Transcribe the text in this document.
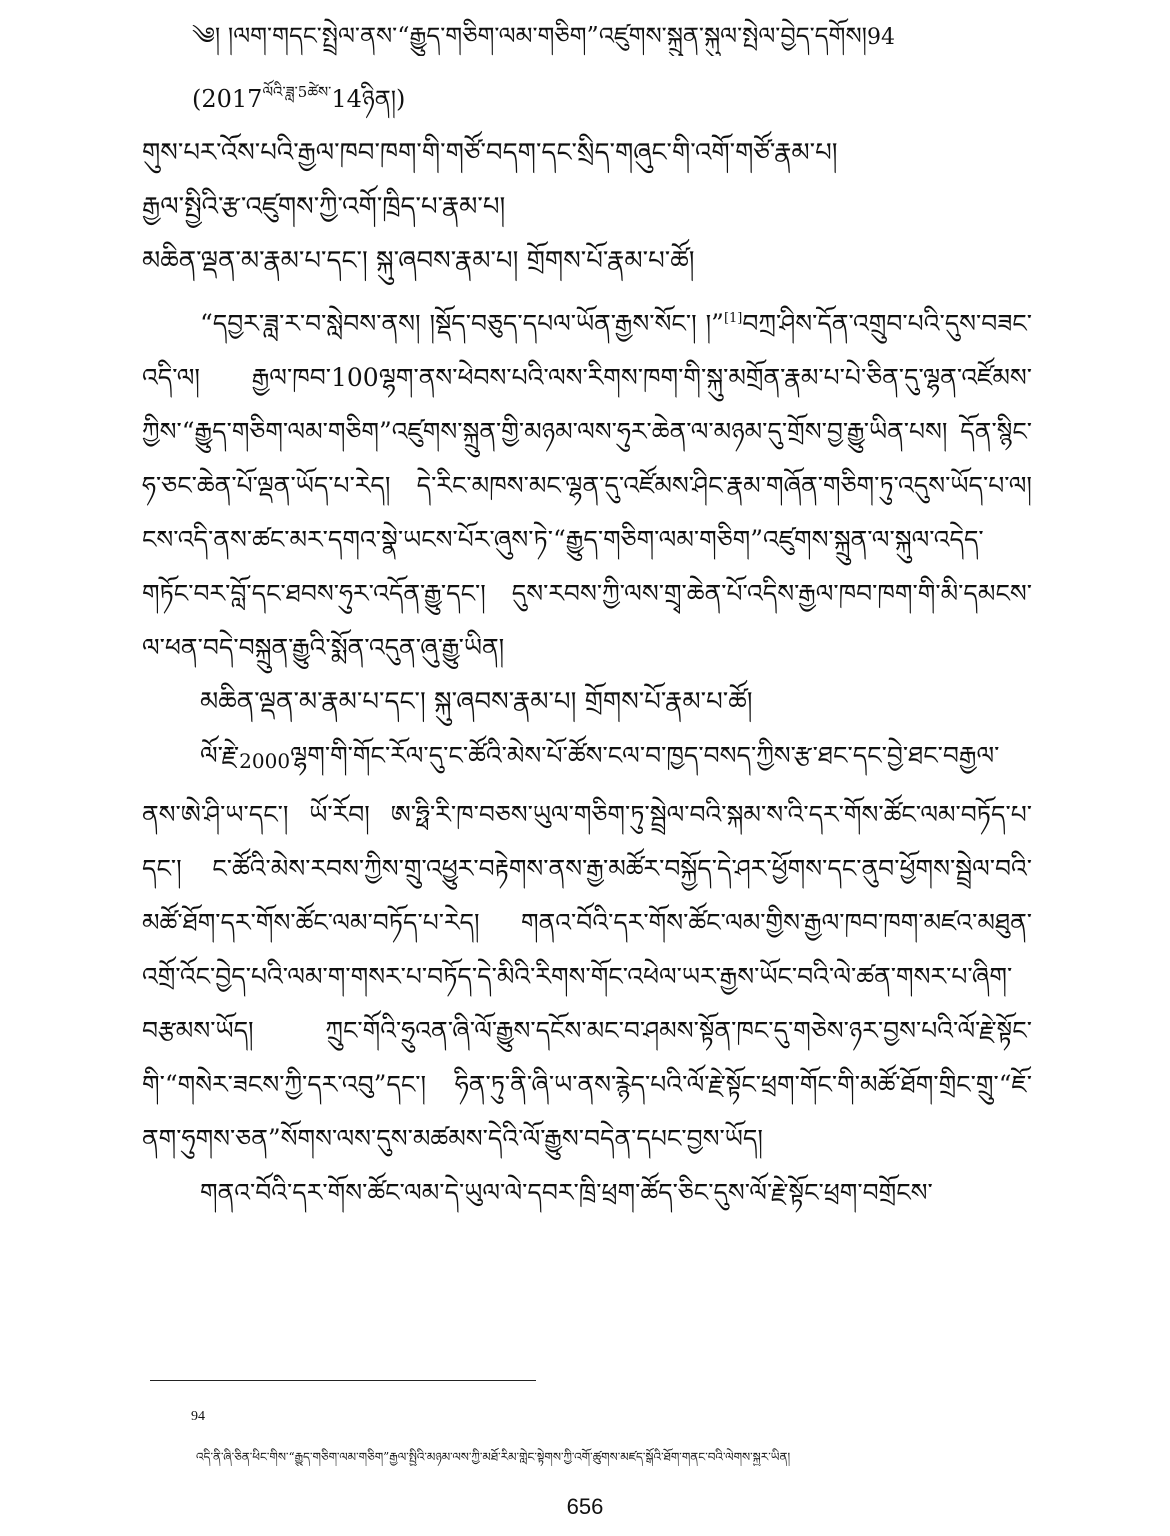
༄། །ལག་གདང་སྤྲེལ་ནས་“རྒྱུད་གཅིག་ལམ་གཅིག”འཛུགས་སྐྲུན་སྐུལ་སྤེལ་བྱེད་དགོས།94
$(2017^{ལོའི་ཟླ་5ཚེས་}14ཉིན།)$
གུས་པར་འོས་པའི་རྒྱལ་ཁབ་ཁག་གི་གཙོ་བདག་དང་སྲིད་གཞུང་གི་འགོ་གཙོ་རྣམ་པ།
རྒྱལ་སྤྱིའི་རྩ་འཛུགས་ཀྱི་འགོ་ཁྲིད་པ་རྣམ་པ།
མཆིན་ལྡན་མ་རྣམ་པ་དང་། སྐུ་ཞབས་རྣམ་པ། གྲོགས་པོ་རྣམ་པ་ཚོ།

“དབྱར་ཟླ་ར་བ་སླེབས་ནས། །སྡོད་བཅུད་དཔལ་ཡོན་རྒྱས་སོང་། །”[1]བཀྲ་ཤིས་དོན་འགྲུབ་པའི་དུས་བཟང་འདི་ལ། རྒྱལ་ཁབ་100ལྷག་ནས་ཕེབས་པའི་ལས་རིགས་ཁག་གི་སྐུ་མགྲོན་རྣམ་པ་པེ་ཅིན་དུ་ལྷན་འཛོམས་ཀྱིས་“རྒྱུད་གཅིག་ལམ་གཅིག”འཛུགས་སྐྲུན་གྱི་མཉམ་ལས་ཧུར་ཆེན་ལ་མཉམ་དུ་གྲོས་བྱ་རྒྱུ་ཡིན་པས། དོན་སྙིང་ཧ་ཅང་ཆེན་པོ་ལྡན་ཡོད་པ་རེད། དེ་རིང་མཁས་མང་ལྷན་དུ་འཛོམས་ཤིང་རྣམ་གཞོན་གཅིག་ཏུ་འདུས་ཡོད་པ་ལ། ངས་འདི་ནས་ཚང་མར་དགའ་སྣེ་ཡངས་པོར་ཞུས་ཏེ་“རྒྱུད་གཅིག་ལམ་གཅིག”འཛུགས་སྐྲུན་ལ་སྐུལ་འདེད་གཏོང་བར་བློ་དང་ཐབས་ཧུར་འདོན་རྒྱུ་དང་། དུས་རབས་ཀྱི་ལས་གྲྭ་ཆེན་པོ་འདིས་རྒྱལ་ཁབ་ཁག་གི་མི་དམངས་ལ་ཕན་བདེ་བསྐྲུན་རྒྱུའི་སྨོན་འདུན་ཞུ་རྒྱུ་ཡིན།

མཆིན་ལྡན་མ་རྣམ་པ་དང་། སྐུ་ཞབས་རྣམ་པ། གྲོགས་པོ་རྣམ་པ་ཚོ།

ལོ་རྗེ་2000ལྷག་གི་གོང་རོལ་དུ་ང་ཚོའི་མེས་པོ་ཚོས་ངལ་བ་ཁྱད་བསད་ཀྱིས་རྩ་ཐང་དང་བྱེ་ཐང་བརྒྱལ་ནས་ཨེ་ཤི་ཡ་དང་། ཡོ་རོབ། ཨ་ཧྥི་རི་ཁ་བཅས་ཡུལ་གཅིག་ཏུ་སྦྲེལ་བའི་སྐམ་ས་འི་དར་གོས་ཚོང་ལམ་བཏོད་པ་དང་། ང་ཚོའི་མེས་རབས་ཀྱིས་གྲུ་འཕྱུར་བརྟེགས་ནས་རྒྱ་མཚོར་བསྐྱོད་དེ་ཤར་ཕྱོགས་དང་ནུབ་ཕྱོགས་སྦྲེལ་བའི་མཚོ་ཐོག་དར་གོས་ཚོང་ལམ་བཏོད་པ་རེད། གནའ་བོའི་དར་གོས་ཚོང་ལམ་གྱིས་རྒྱལ་ཁབ་ཁག་མཛའ་མཐུན་འགྲོ་འོང་བྱེད་པའི་ལམ་ག་གསར་པ་བཏོད་དེ་མིའི་རིགས་གོང་འཕེལ་ཡར་རྒྱས་ཡོང་བའི་ལེ་ཚན་གསར་པ་ཞིག་བརྩམས་ཡོད། ཀྲུང་གོའི་ཧྲུའན་ཞི་ལོ་རྒྱུས་དངོས་མང་བ་ཤམས་སྟོན་ཁང་དུ་གཅེས་ཉར་བྱས་པའི་ལོ་རྗེ་སྟོང་གི་“གསེར་ཟངས་ཀྱི་དར་འབུ”དང་། ཧིན་ཏུ་ནི་ཞི་ཡ་ནས་རྙེད་པའི་ལོ་རྗེ་སྟོང་ཕྲག་གོང་གི་མཚོ་ཐོག་གྲིང་གྲུ་“ཇོ་ནག་ཧུགས་ཅན”སོགས་ལས་དུས་མཚམས་དེའི་ལོ་རྒྱུས་བདེན་དཔང་བྱས་ཡོད།

གནའ་བོའི་དར་གོས་ཚོང་ལམ་དེ་ཡུལ་ལེ་དབར་ཁྲི་ཕྲག་ཚོད་ཅིང་དུས་ལོ་རྗེ་སྟོང་ཕྲག་བགྲོངས་

94
འདི་ནི་ཞི་ཅིན་ཕིང་གིས་“རྒྱུད་གཅིག་ལམ་གཅིག”རྒྱལ་སྤྱིའི་མཉམ་ལས་ཀྱི་མཐོ་རིམ་གླེང་སྟེགས་ཀྱི་འགོ་ཚུགས་མཛད་སྒོའི་ཐོག་གནང་བའི་ལེགས་སྐྱར་ཡིན།
656
